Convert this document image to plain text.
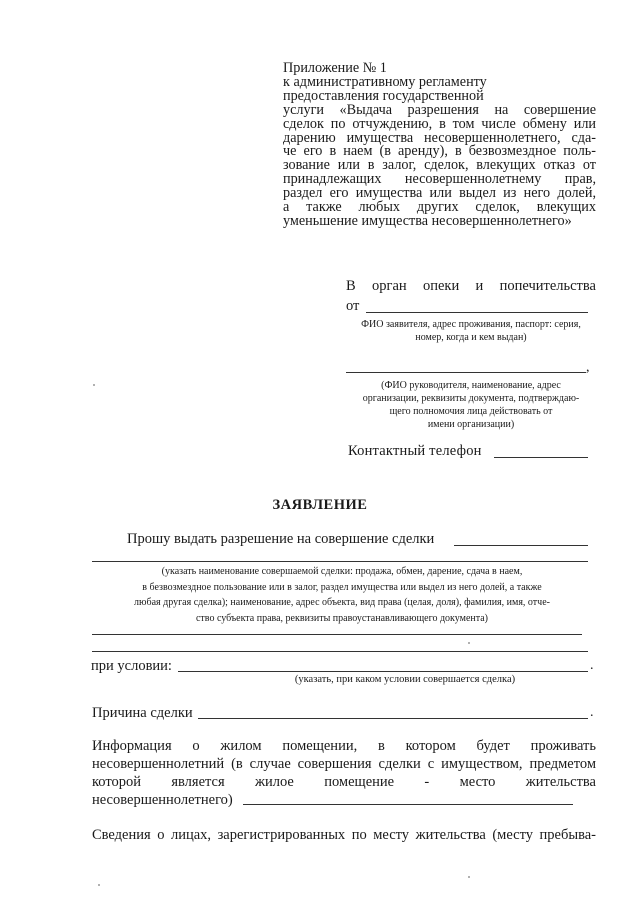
Приложение № 1
к административному регламенту
предоставления государственной
услуги «Выдача разрешения на совершение
сделок по отчуждению, в том числе обмену или
дарению имущества несовершеннолетнего, сда-
че его в наем (в аренду), в безвозмездное поль-
зование или в залог, сделок, влекущих отказ от
принадлежащих несовершеннолетнему прав,
раздел его имущества или выдел из него долей,
а также любых других сделок, влекущих
уменьшение имущества несовершеннолетнего»
В орган опеки и попечительства
от
ФИО заявителя, адрес проживания, паспорт: серия,
номер, когда и кем выдан)
,
(ФИО руководителя, наименование, адрес
организации, реквизиты документа, подтверждаю-
щего полномочия лица действовать от
имени организации)
Контактный телефон
ЗАЯВЛЕНИЕ
Прошу выдать разрешение на совершение сделки
(указать наименование совершаемой сделки: продажа, обмен, дарение, сдача в наем,
в безвозмездное пользование или в залог, раздел имущества или выдел из него долей, а также
любая другая сделка); наименование, адрес объекта, вид права (целая, доля), фамилия, имя, отче-
ство субъекта права, реквизиты правоустанавливающего документа)
при условии:	.
(указать, при каком условии совершается сделка)
Причина сделки	.
Информация о жилом помещении, в котором будет проживать
несовершеннолетний (в случае совершения сделки с имуществом, предметом
которой является жилое помещение - место жительства
несовершеннолетнего)
Сведения о лицах, зарегистрированных по месту жительства (месту пребыва-
